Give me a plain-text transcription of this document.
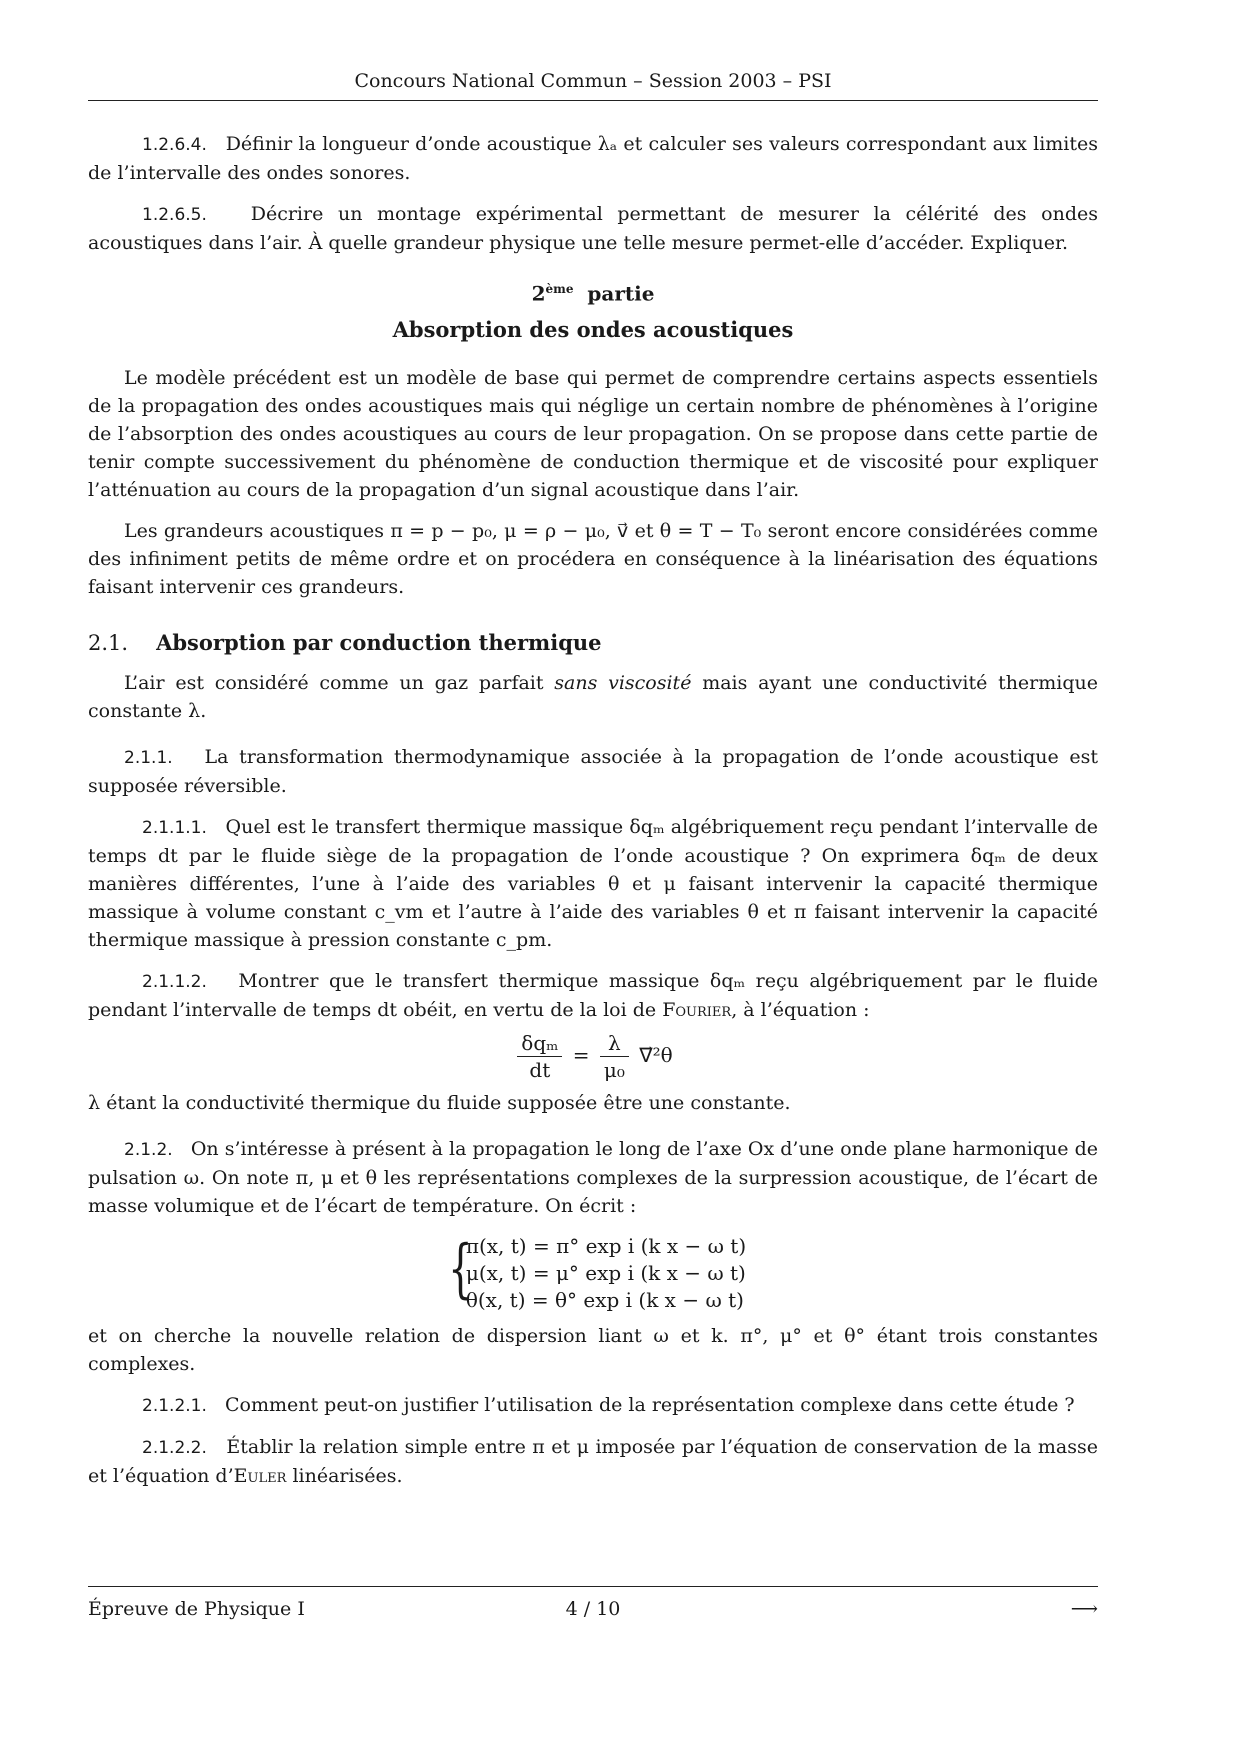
Concours National Commun – Session 2003 – PSI

1.2.6.4. Définir la longueur d’onde acoustique λₐ et calculer ses valeurs correspondant aux limites de l’intervalle des ondes sonores.

1.2.6.5. Décrire un montage expérimental permettant de mesurer la célérité des ondes acoustiques dans l’air. À quelle grandeur physique une telle mesure permet-elle d’accéder. Expliquer.

2ème partie
Absorption des ondes acoustiques

Le modèle précédent est un modèle de base qui permet de comprendre certains aspects essentiels de la propagation des ondes acoustiques mais qui néglige un certain nombre de phénomènes à l’origine de l’absorption des ondes acoustiques au cours de leur propagation. On se propose dans cette partie de tenir compte successivement du phénomène de conduction thermique et de viscosité pour expliquer l’atténuation au cours de la propagation d’un signal acoustique dans l’air.

Les grandeurs acoustiques π = p − p₀, μ = ρ − μ₀, v⃗ et θ = T − T₀ seront encore considérées comme des infiniment petits de même ordre et on procédera en conséquence à la linéarisation des équations faisant intervenir ces grandeurs.

2.1. Absorption par conduction thermique

L’air est considéré comme un gaz parfait sans viscosité mais ayant une conductivité thermique constante λ.

2.1.1. La transformation thermodynamique associée à la propagation de l’onde acoustique est supposée réversible.

2.1.1.1. Quel est le transfert thermique massique δqₘ algébriquement reçu pendant l’intervalle de temps dt par le fluide siège de la propagation de l’onde acoustique ? On exprimera δqₘ de deux manières différentes, l’une à l’aide des variables θ et μ faisant intervenir la capacité thermique massique à volume constant c_vm et l’autre à l’aide des variables θ et π faisant intervenir la capacité thermique massique à pression constante c_pm.

2.1.1.2. Montrer que le transfert thermique massique δqₘ reçu algébriquement par le fluide pendant l’intervalle de temps dt obéit, en vertu de la loi de Fourier, à l’équation :

$\frac{\text{δqₘ}}{dt} = \frac{\lambda}{\text{μ₀}}$ ∇⃗²θ

λ étant la conductivité thermique du fluide supposée être une constante.

2.1.2. On s’intéresse à présent à la propagation le long de l’axe Ox d’une onde plane harmonique de pulsation ω. On note π, μ et θ les représentations complexes de la surpression acoustique, de l’écart de masse volumique et de l’écart de température. On écrit :

{
π(x, t) = π° exp i (k x − ω t)
μ(x, t) = μ° exp i (k x − ω t)
θ(x, t) = θ° exp i (k x − ω t)

et on cherche la nouvelle relation de dispersion liant ω et k. π°, μ° et θ° étant trois constantes complexes.

2.1.2.1. Comment peut-on justifier l’utilisation de la représentation complexe dans cette étude ?

2.1.2.2. Établir la relation simple entre π et μ imposée par l’équation de conservation de la masse et l’équation d’Euler linéarisées.

Épreuve de Physique I	4 / 10	⟶
